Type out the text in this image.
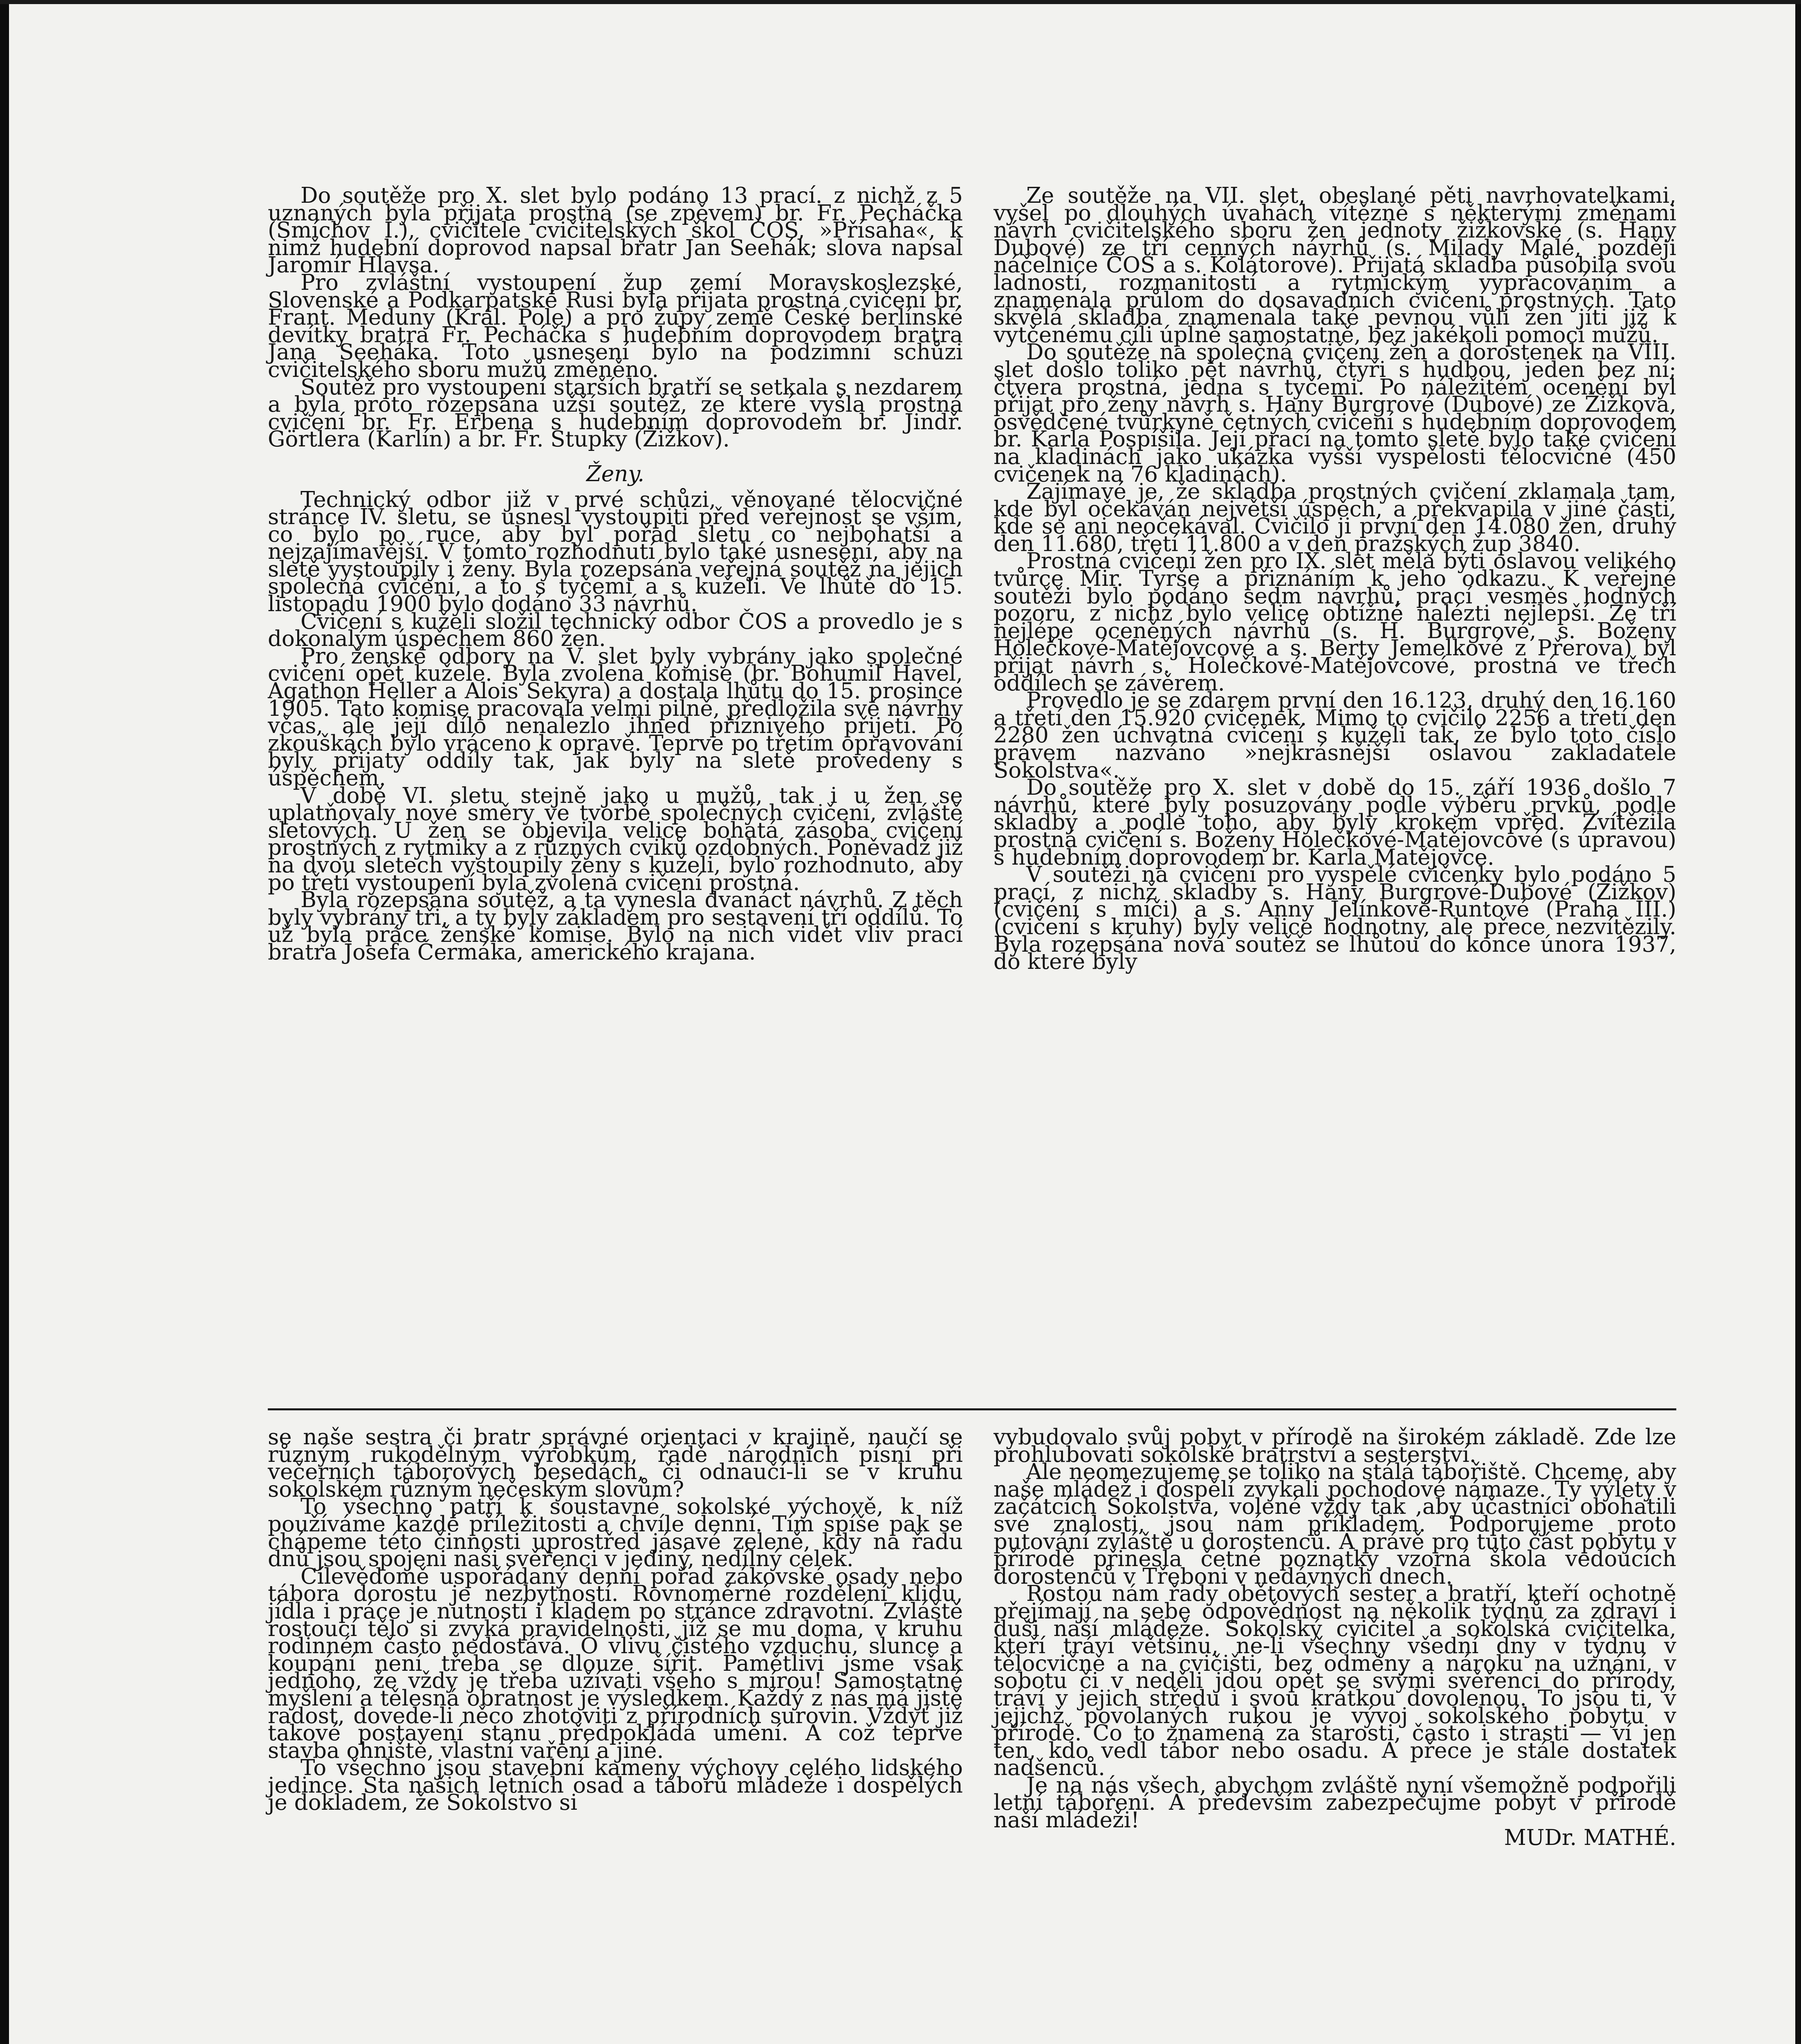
Do soutěže pro X. slet bylo podáno 13 prací. z nichž z 5 uznaných byla přijata prostná (se zpěvem) br. Fr. Pecháčka (Smíchov I.), cvičitele cvičitelských škol ČOS, »Přísaha«, k nimž hudební doprovod napsal bratr Jan Seehák; slova napsal Jaromír Hlavsa.

Pro zvláštní vystoupení žup zemí Moravskoslezské, Slovenské a Podkarpatské Rusi byla přijata prostná cvičení br. Frant. Meduny (Král. Pole) a pro župy země České berlínské devítky bratra Fr. Pecháčka s hudebním doprovodem bratra Jana Seeháka. Toto usnesení bylo na podzimní schůzi cvičitelského sboru mužů změněno.

Soutěž pro vystoupení starších bratří se setkala s nezdarem a byla proto rozepsána užší soutěž, ze které vyšla prostná cvičení br. Fr. Erbena s hudebním doprovodem br. Jindř. Görtlera (Karlín) a br. Fr. Stupky (Žižkov).

Ženy.

Technický odbor již v prvé schůzi, věnované tělocvičné stránce IV. sletu, se usnesl vystoupiti před veřejnost se vším, co bylo po ruce, aby byl pořad sletu co nejbohatší a nejzajímavější. V tomto rozhodnutí bylo také usnesení, aby na sletě vystoupily i ženy. Byla rozepsána veřejná soutěž na jejich společná cvičení, a to s tyčemi a s kuželi. Ve lhůtě do 15. listopadu 1900 bylo dodáno 33 návrhů.

Cvičení s kuželi složil technický odbor ČOS a provedlo je s dokonalým úspěchem 860 žen.

Pro ženské odbory na V. slet byly vybrány jako společné cvičení opět kužele. Byla zvolena komise (br. Bohumil Havel, Agathon Heller a Alois Sekyra) a dostala lhůtu do 15. prosince 1905. Tato komise pracovala velmi pilně, předložila své návrhy včas, ale její dílo nenalezlo ihned příznivého přijetí. Po zkouškách bylo vráceno k opravě. Teprve po třetím opravování byly přijaty oddíly tak, jak byly na sletě provedeny s úspěchem.

V době VI. sletu stejně jako u mužů, tak i u žen se uplatňovaly nové směry ve tvorbě společných cvičení, zvláště sletových. U žen se objevila velice bohatá zásoba cvičení prostných z rytmiky a z různých cviků ozdobných. Poněvadž již na dvou sletech vystoupily ženy s kuželi, bylo rozhodnuto, aby po třetí vystoupení byla zvolena cvičení prostná.

Byla rozepsána soutěž, a ta vynesla dvanáct návrhů. Z těch byly vybrány tři, a ty byly základem pro sestavení tří oddílů. To už byla práce ženské komise. Bylo na nich vidět vliv prací bratra Josefa Čermáka, amerického krajana.

Ze soutěže na VII. slet, obeslané pěti navrhovatelkami, vyšel po dlouhých úvahách vítězně s některými změnami návrh cvičitelského sboru žen jednoty žižkovské (s. Hany Dubové) ze tří cenných návrhů (s. Milady Malé, později náčelnice ČOS a s. Kolátorové). Přijatá skladba působila svou ladností, rozmanitostí a rytmickým vypracováním a znamenala průlom do dosavadních cvičení prostných. Tato skvělá skladba znamenala také pevnou vůli žen jíti již k vytčenému cíli úplně samostatně, bez jakékoli pomoci mužů.

Do soutěže na společná cvičení žen a dorostenek na VIII. slet došlo toliko pět návrhů, čtyři s hudbou, jeden bez ní; čtvera prostná, jedna s tyčemi. Po náležitém ocenění byl přijat pro ženy návrh s. Hany Burgrové (Dubové) ze Žižkova, osvědčené tvůrkyně četných cvičení s hudebním doprovodem br. Karla Pospíšila. Její prací na tomto sletě bylo také cvičení na kladinách jako ukázka vyšší vyspělosti tělocvičné (450 cvičenek na 76 kladinách).

Zajímavé je, že skladba prostných cvičení zklamala tam, kde byl očekáván největší úspěch, a překvapila v jiné části, kde se ani neočekával. Cvičilo ji první den 14.080 žen, druhý den 11.680, třetí 11.800 a v den pražských žup 3840.

Prostná cvičení žen pro IX. slet měla býti oslavou velikého tvůrce Mir. Tyrše a přiznáním k jeho odkazu. K veřejné soutěži bylo podáno sedm návrhů, prací vesměs hodných pozoru, z nichž bylo velice obtížné nalézti nejlepší. Ze tří nejlépe oceněných návrhů (s. H. Burgrové, s. Boženy Holečkové-Matějovcové a s. Berty Jemelkové z Přerova) byl přijat návrh s. Holečkové-Matějovcové, prostná ve třech oddílech se závěrem.

Provedlo je se zdarem první den 16.123, druhý den 16.160 a třetí den 15.920 cvičenek. Mimo to cvičilo 2256 a třetí den 2280 žen úchvatná cvičení s kuželi tak, že bylo toto číslo právem nazváno »nejkrásnější oslavou zakladatele Sokolstva«.

Do soutěže pro X. slet v době do 15. září 1936 došlo 7 návrhů, které byly posuzovány podle výběru prvků, podle skladby a podle toho, aby byly krokem vpřed. Zvítězila prostná cvičení s. Boženy Holečkové-Matějovcové (s úpravou) s hudebním doprovodem br. Karla Matějovce.

V soutěži na cvičení pro vyspělé cvičenky bylo podáno 5 prací, z nichž skladby s. Hany Burgrové-Dubové (Žižkov) (cvičení s míči) a s. Anny Jelínkové-Runtové (Praha III.) (cvičení s kruhy) byly velice hodnotny, ale přece nezvítězily. Byla rozepsána nová soutěž se lhůtou do konce února 1937, do které byly

se naše sestra či bratr správné orientaci v krajině, naučí se různým rukodělným výrobkům, řadě národních písní při večerních táborových besedách, či odnaučí-li se v kruhu sokolském různým nečeským slovům?

To všechno patří k soustavné sokolské výchově, k níž používáme každé příležitosti a chvíle denní. Tím spíše pak se chápeme této činnosti uprostřed jásavé zeleně, kdy na řadu dnů jsou spojeni naši svěřenci v jediný, nedílný celek.

Cílevědomě uspořádaný denní pořad zákovské osady nebo tábora dorostu je nezbytností. Rovnoměrné rozdělení klidu, jídla i práce je nutností i kladem po stránce zdravotní. Zvláště rostoucí tělo si zvyká pravidelnosti, jíž se mu doma, v kruhu rodinném často nedostává. O vlivu čistého vzduchu, slunce a koupání není třeba se dlouze šířit. Pamětlivi jsme však jednoho, že vždy je třeba užívati všeho s mírou! Samostatné myšlení a tělesná obratnost je výsledkem. Každý z nás má jistě radost, dovede-li něco zhotoviti z přírodních surovin. Vždyť již takové postavení stanu předpokládá umění. A což teprve stavba ohniště, vlastní vaření a jiné.

To všechno jsou stavební kameny výchovy celého lidského jedince. Sta našich letních osad a táborů mládeže i dospělých je dokladem, že Sokolstvo si

vybudovalo svůj pobyt v přírodě na širokém základě. Zde lze prohlubovati sokolské bratrství a sesterství.

Ale neomezujeme se toliko na stálá tábořiště. Chceme, aby naše mládež i dospělí zvykali pochodové námaze. Ty výlety v začátcích Sokolstva, volené vždy tak ,aby účastníci obohatili své znalosti, jsou nám příkladem. Podporujeme proto putování zvláště u dorostenců. A právě pro tuto část pobytu v přírodě přinesla četné poznatky vzorná škola vedoucích dorostenců v Třeboni v nedávných dnech.

Rostou nám řady obětových sester a bratří, kteří ochotně přejímají na sebe odpovědnost na několik týdnů za zdraví i duši naší mládeže. Sokolský cvičitel a sokolská cvičitelka, kteří tráví většinu, ne-li všechny všední dny v týdnu v tělocvičně a na cvičišti, bez odměny a nároku na uznání, v sobotu či v neděli jdou opět se svými svěřenci do přírody, tráví v jejich středu i svou krátkou dovolenou. To jsou ti, v jejichž povolaných rukou je vývoj sokolského pobytu v přírodě. Co to znamená za starosti, často i strasti — ví jen ten, kdo vedl tábor nebo osadu. A přece je stále dostatek nadšenců.

Je na nás všech, abychom zvláště nyní všemožně podpořili letní táboření. A především zabezpečujme pobyt v přírodě naší mládeži!

MUDr. MATHÉ.
